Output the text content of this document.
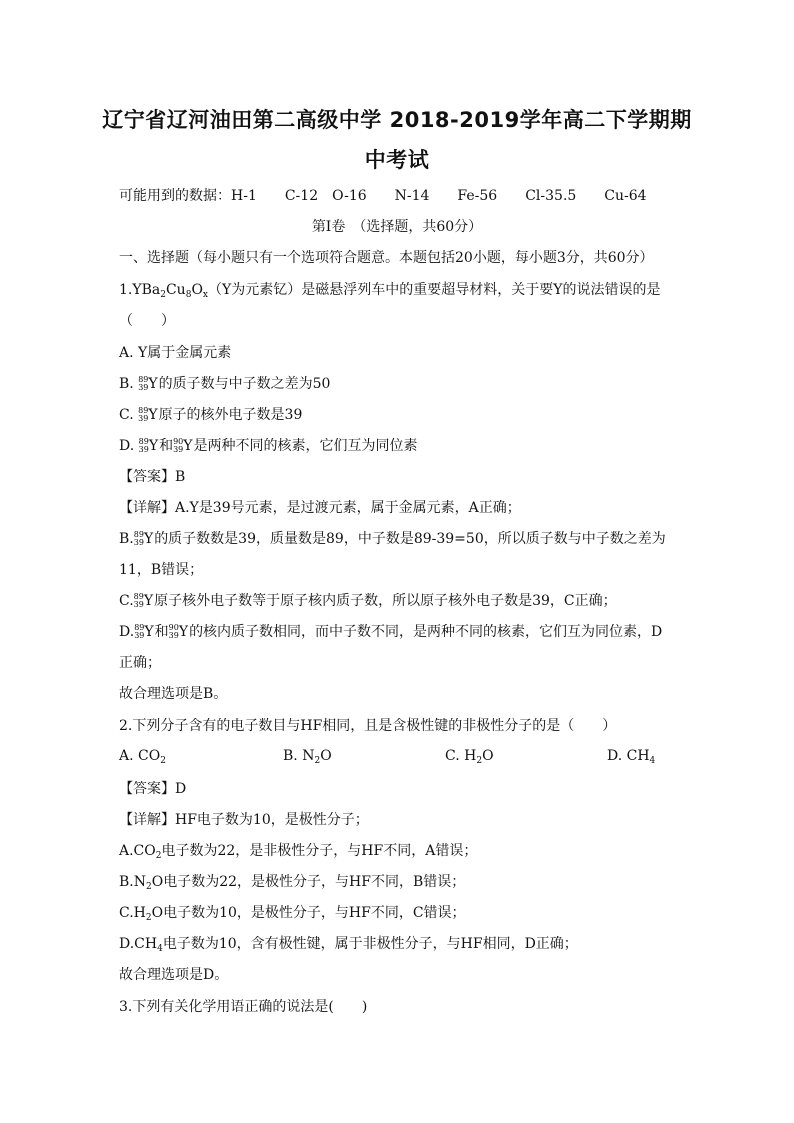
辽宁省辽河油田第二高级中学 2018-2019学年高二下学期期
中考试
可能用到的数据：H-1　　C-12　O-16　　N-14　　Fe-56　　Cl-35.5　　Cu-64
第Ⅰ卷　（选择题，共60分）
一、选择题（每小题只有一个选项符合题意。本题包括20小题，每小题3分，共60分）
$1.YBa_2Cu_8O_x(Y$为元素钇）是磁悬浮列车中的重要超导材料，关于要Y的说法错误的是
（　　）
A. Y属于金属元素
B. 89
39 Y的质子数与中子数之差为50
C. 89
39 Y原子的核外电子数是39
D. 89
39 Y和 90
39 Y是两种不同的核素，它们互为同位素
【答案】B
【详解】A.Y是39号元素，是过渡元素，属于金属元素，A正确；
B. 89
39 Y的质子数数是39，质量数是89，中子数是89-39=50，所以质子数与中子数之差为
11，B错误；
C. 89
39 Y原子核外电子数等于原子核内质子数，所以原子核外电子数是39，C正确；
D. 89
39 Y和 90
39 Y的核内质子数相同，而中子数不同，是两种不同的核素，它们互为同位素，D
正确；
故合理选项是B。
2.下列分子含有的电子数目与HF相同，且是含极性键的非极性分子的是（　　）
A. $CO_2$	B. $N_2O$	C. $H_2O$	D. $CH_4$
【答案】D
【详解】HF电子数为10，是极性分子；
$A.CO_2$电子数为22，是非极性分子，与HF不同，A错误；
$B.N_2O$电子数为22，是极性分子，与HF不同，B错误；
$C.H_2O$电子数为10，是极性分子，与HF不同，C错误；
$D.CH_4$电子数为10，含有极性键，属于非极性分子，与HF相同，D正确；
故合理选项是D。
3.下列有关化学用语正确的说法是(　　)
